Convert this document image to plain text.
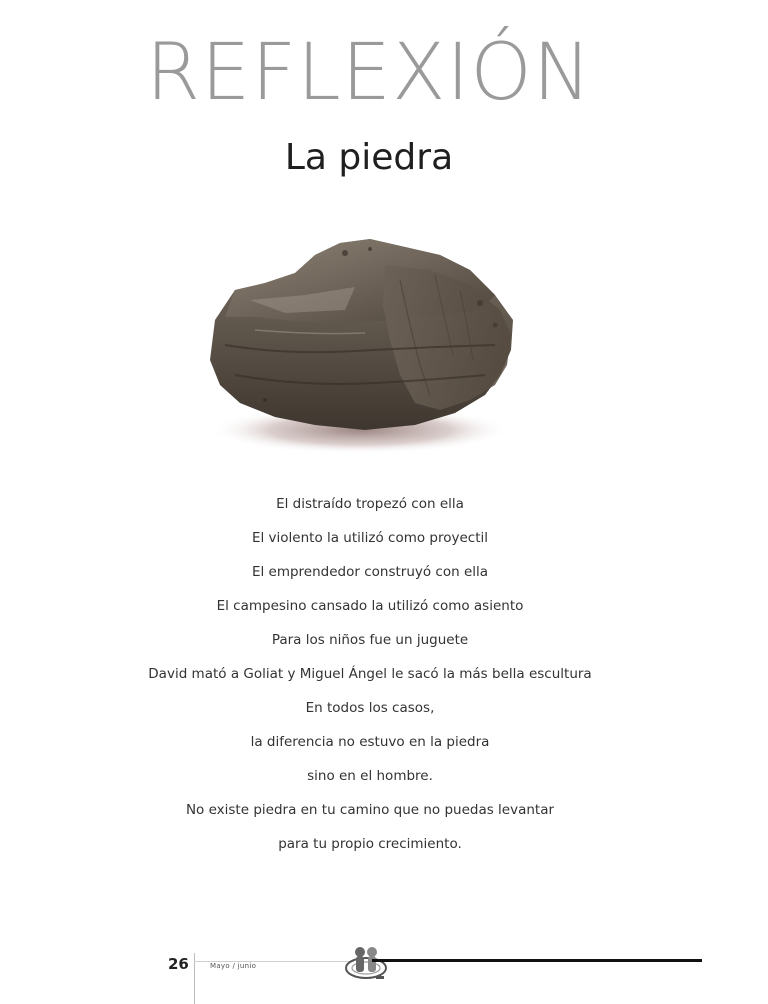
REFLEXIÓN
La piedra
El distraído tropezó con ella
El violento la utilizó como proyectil
El emprendedor construyó con ella
El campesino cansado la utilizó como asiento
Para los niños fue un juguete
David mató a Goliat y Miguel Ángel le sacó la más bella escultura
En todos los casos,
la diferencia no estuvo en la piedra
sino en el hombre.
No existe piedra en tu camino que no puedas levantar
para tu propio crecimiento.
26	Mayo / junio
